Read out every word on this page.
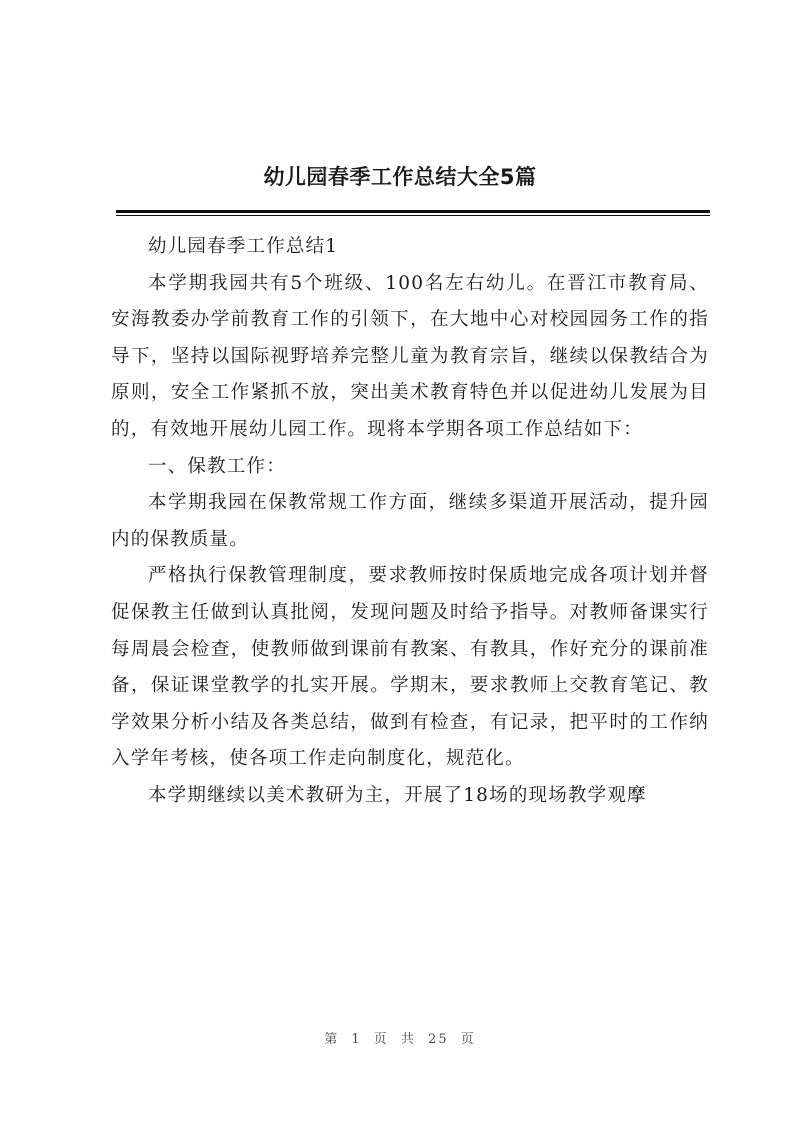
幼儿园春季工作总结大全5篇

幼儿园春季工作总结1

本学期我园共有5个班级、100名左右幼儿。在晋江市教育局、安海教委办学前教育工作的引领下，在大地中心对校园园务工作的指导下，坚持以国际视野培养完整儿童为教育宗旨，继续以保教结合为原则，安全工作紧抓不放，突出美术教育特色并以促进幼儿发展为目的，有效地开展幼儿园工作。现将本学期各项工作总结如下：

一、保教工作：

本学期我园在保教常规工作方面，继续多渠道开展活动，提升园内的保教质量。

严格执行保教管理制度，要求教师按时保质地完成各项计划并督促保教主任做到认真批阅，发现问题及时给予指导。对教师备课实行每周晨会检查，使教师做到课前有教案、有教具，作好充分的课前准备，保证课堂教学的扎实开展。学期末，要求教师上交教育笔记、教学效果分析小结及各类总结，做到有检查，有记录，把平时的工作纳入学年考核，使各项工作走向制度化，规范化。

本学期继续以美术教研为主，开展了18场的现场教学观摩

第 1 页 共 25 页
